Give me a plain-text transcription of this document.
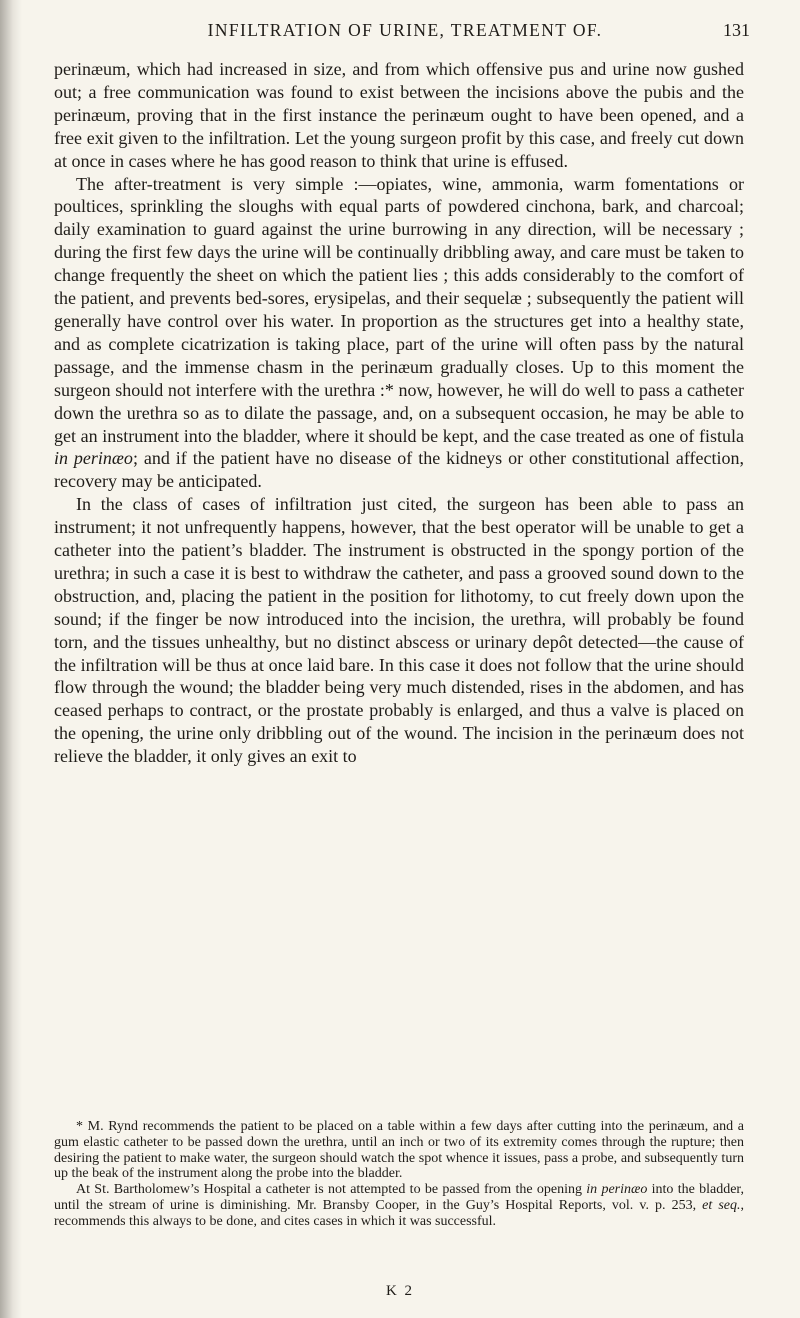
INFILTRATION OF URINE, TREATMENT OF.	131

perinæum, which had increased in size, and from which offensive pus and urine now gushed out; a free communication was found to exist between the incisions above the pubis and the perinæum, proving that in the first instance the perinæum ought to have been opened, and a free exit given to the infiltration. Let the young surgeon profit by this case, and freely cut down at once in cases where he has good reason to think that urine is effused.

The after-treatment is very simple :—opiates, wine, ammonia, warm fomentations or poultices, sprinkling the sloughs with equal parts of powdered cinchona, bark, and charcoal; daily examination to guard against the urine burrowing in any direction, will be necessary ; during the first few days the urine will be continually dribbling away, and care must be taken to change frequently the sheet on which the patient lies ; this adds considerably to the comfort of the patient, and prevents bed-sores, erysipelas, and their sequelæ ; subsequently the patient will generally have control over his water. In proportion as the structures get into a healthy state, and as complete cicatrization is taking place, part of the urine will often pass by the natural passage, and the immense chasm in the perinæum gradually closes. Up to this moment the surgeon should not interfere with the urethra :* now, however, he will do well to pass a catheter down the urethra so as to dilate the passage, and, on a subsequent occasion, he may be able to get an instrument into the bladder, where it should be kept, and the case treated as one of fistula in perinæo; and if the patient have no disease of the kidneys or other constitutional affection, recovery may be anticipated.

In the class of cases of infiltration just cited, the surgeon has been able to pass an instrument; it not unfrequently happens, however, that the best operator will be unable to get a catheter into the patient’s bladder. The instrument is obstructed in the spongy portion of the urethra; in such a case it is best to withdraw the catheter, and pass a grooved sound down to the obstruction, and, placing the patient in the position for lithotomy, to cut freely down upon the sound; if the finger be now introduced into the incision, the urethra, will probably be found torn, and the tissues unhealthy, but no distinct abscess or urinary depôt detected—the cause of the infiltration will be thus at once laid bare. In this case it does not follow that the urine should flow through the wound; the bladder being very much distended, rises in the abdomen, and has ceased perhaps to contract, or the prostate probably is enlarged, and thus a valve is placed on the opening, the urine only dribbling out of the wound. The incision in the perinæum does not relieve the bladder, it only gives an exit to

* M. Rynd recommends the patient to be placed on a table within a few days after cutting into the perinæum, and a gum elastic catheter to be passed down the urethra, until an inch or two of its extremity comes through the rupture; then desiring the patient to make water, the surgeon should watch the spot whence it issues, pass a probe, and subsequently turn up the beak of the instrument along the probe into the bladder.

At St. Bartholomew’s Hospital a catheter is not attempted to be passed from the opening in perinæo into the bladder, until the stream of urine is diminishing. Mr. Bransby Cooper, in the Guy’s Hospital Reports, vol. v. p. 253, et seq., recommends this always to be done, and cites cases in which it was successful.

K 2
